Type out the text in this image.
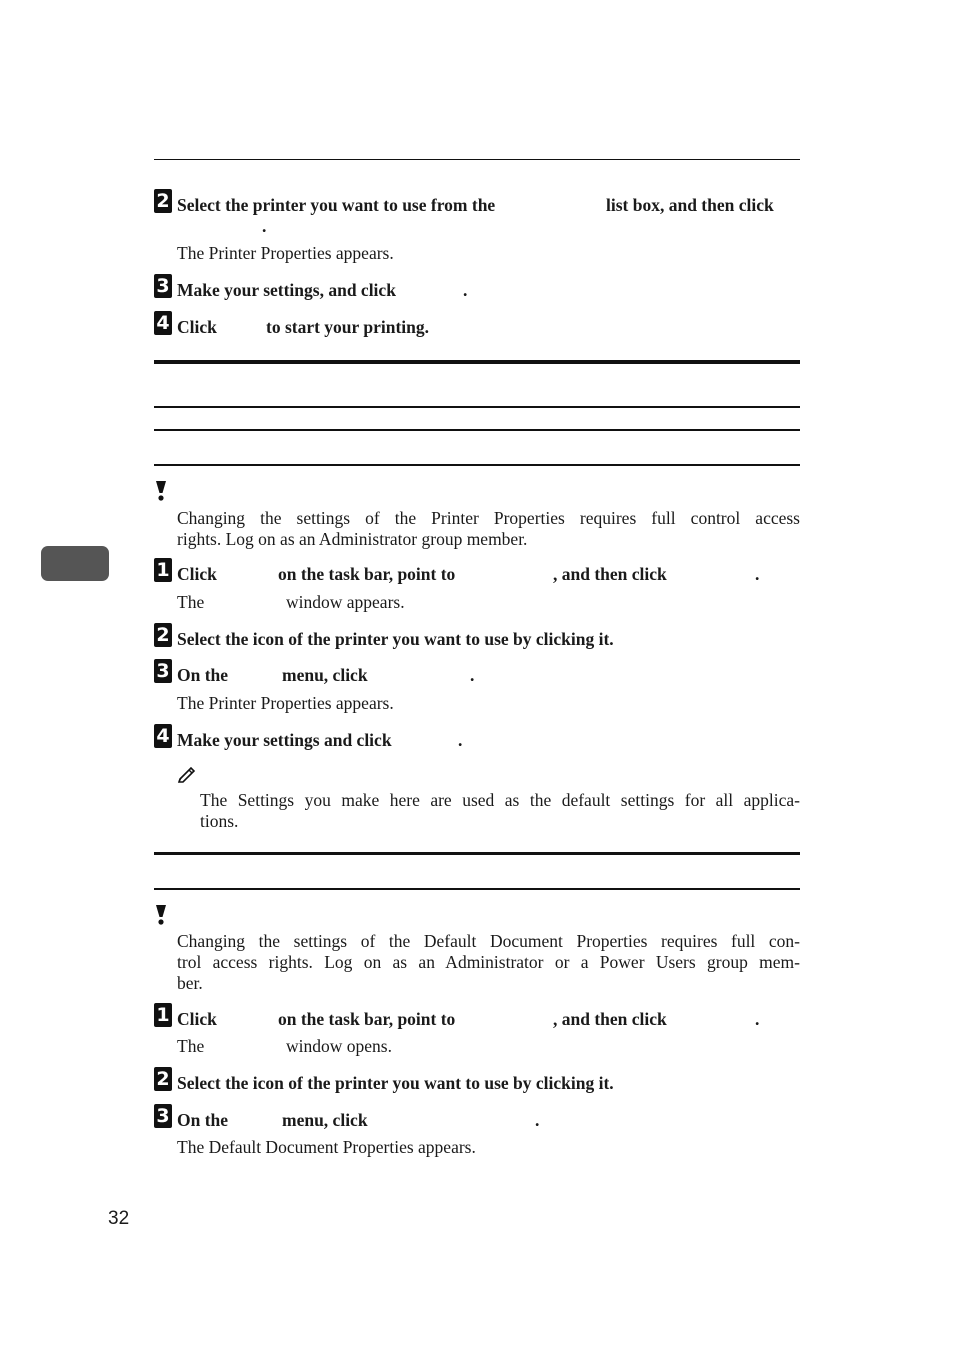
2 Select the printer you want to use from the	list box, and then click
.
The Printer Properties appears.
3 Make your settings, and click	.
4 Click	to start your printing.
Changing the settings of the Printer Properties requires full control access
rights. Log on as an Administrator group member.
1 Click	on the task bar, point to	, and then click	.
The	window appears.
2 Select the icon of the printer you want to use by clicking it.
3 On the	menu, click	.
The Printer Properties appears.
4 Make your settings and click	.
The Settings you make here are used as the default settings for all applica-
tions.
Changing the settings of the Default Document Properties requires full con-
trol access rights. Log on as an Administrator or a Power Users group mem-
ber.
1 Click	on the task bar, point to	, and then click	.
The	window opens.
2 Select the icon of the printer you want to use by clicking it.
3 On the	menu, click	.
The Default Document Properties appears.
32
